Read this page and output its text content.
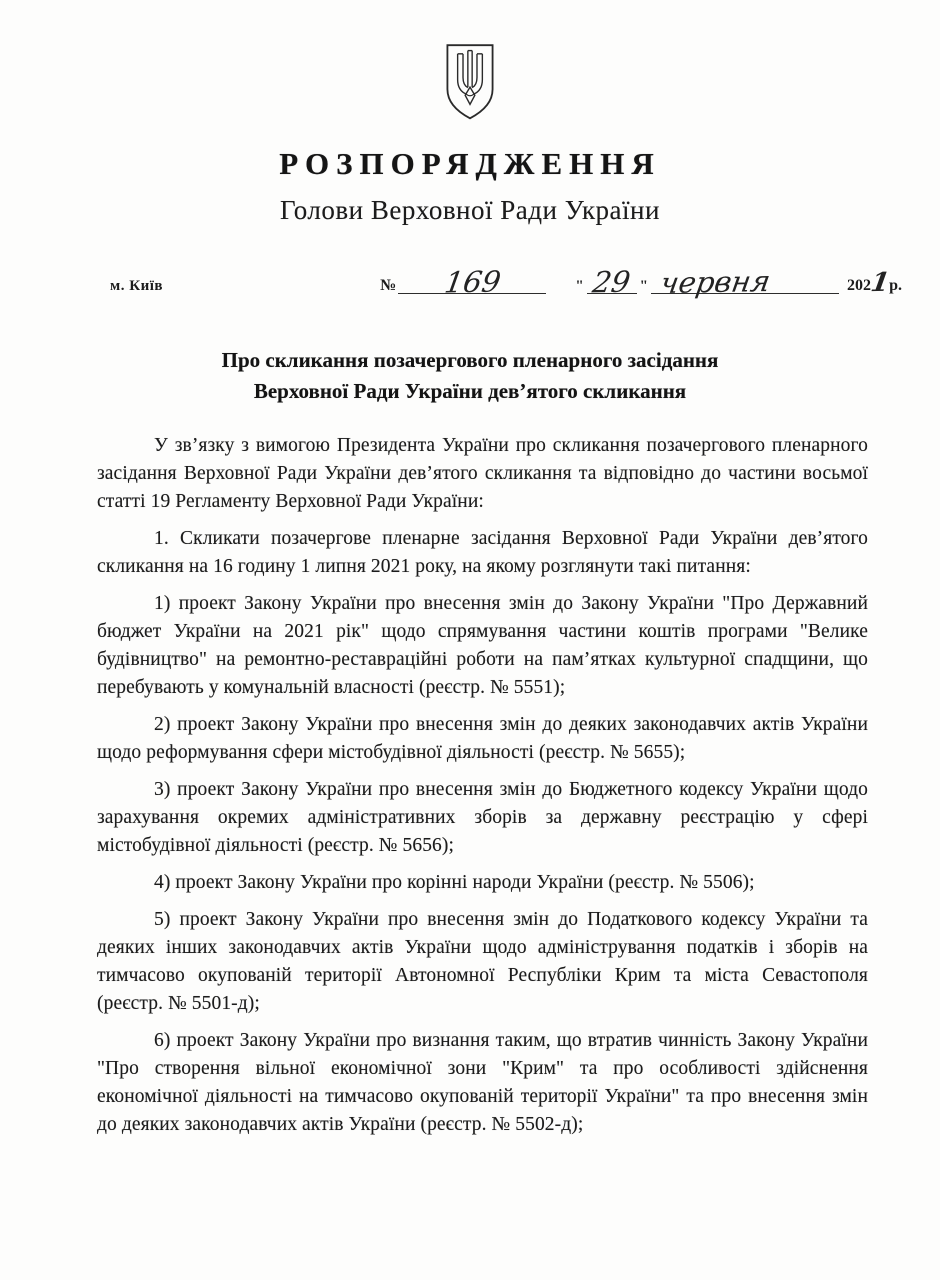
РОЗПОРЯДЖЕННЯ
Голови Верховної Ради України
м. Київ	№	169	" 29 " червня	2021р.
Про скликання позачергового пленарного засідання
Верховної Ради України дев’ятого скликання

У зв’язку з вимогою Президента України про скликання позачергового пленарного засідання Верховної Ради України дев’ятого скликання та відповідно до частини восьмої статті 19 Регламенту Верховної Ради України:

1. Скликати позачергове пленарне засідання Верховної Ради України дев’ятого скликання на 16 годину 1 липня 2021 року, на якому розглянути такі питання:

1) проект Закону України про внесення змін до Закону України "Про Державний бюджет України на 2021 рік" щодо спрямування частини коштів програми "Велике будівництво" на ремонтно-реставраційні роботи на пам’ятках культурної спадщини, що перебувають у комунальній власності (реєстр. № 5551);

2) проект Закону України про внесення змін до деяких законодавчих актів України щодо реформування сфери містобудівної діяльності (реєстр. № 5655);

3) проект Закону України про внесення змін до Бюджетного кодексу України щодо зарахування окремих адміністративних зборів за державну реєстрацію у сфері містобудівної діяльності (реєстр. № 5656);

4) проект Закону України про корінні народи України (реєстр. № 5506);

5) проект Закону України про внесення змін до Податкового кодексу України та деяких інших законодавчих актів України щодо адміністрування податків і зборів на тимчасово окупованій території Автономної Республіки Крим та міста Севастополя (реєстр. № 5501-д);

6) проект Закону України про визнання таким, що втратив чинність Закону України "Про створення вільної економічної зони "Крим" та про особливості здійснення економічної діяльності на тимчасово окупованій території України" та про внесення змін до деяких законодавчих актів України (реєстр. № 5502-д);
